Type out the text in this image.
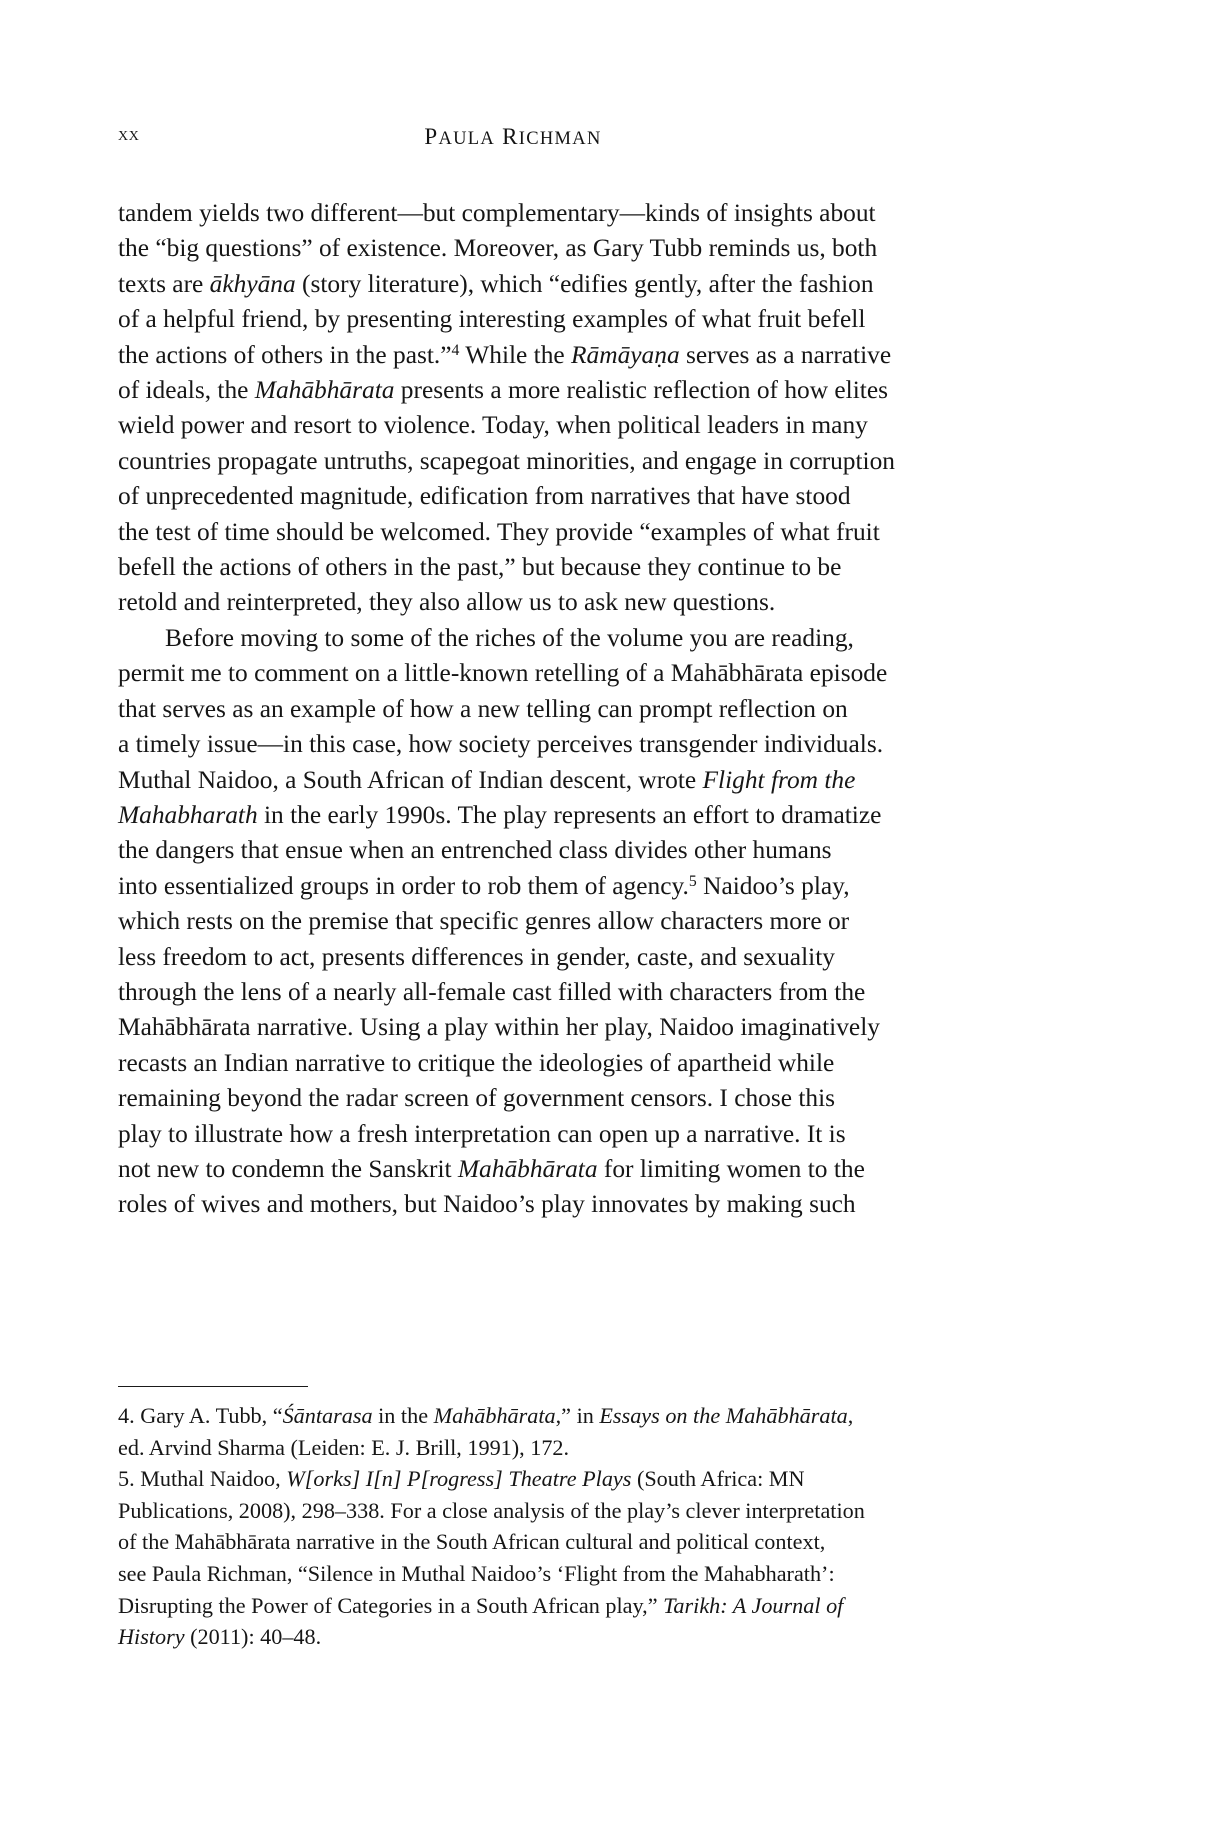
xx	PAULA RICHMAN
tandem yields two different—but complementary—kinds of insights about
the “big questions” of existence. Moreover, as Gary Tubb reminds us, both
texts are ākhyāna (story literature), which “edifies gently, after the fashion
of a helpful friend, by presenting interesting examples of what fruit befell
the actions of others in the past.”$^4$ While the Rāmāyaṇa serves as a narrative
of ideals, the Mahābhārata presents a more realistic reflection of how elites
wield power and resort to violence. Today, when political leaders in many
countries propagate untruths, scapegoat minorities, and engage in corruption
of unprecedented magnitude, edification from narratives that have stood
the test of time should be welcomed. They provide “examples of what fruit
befell the actions of others in the past,” but because they continue to be
retold and reinterpreted, they also allow us to ask new questions.
Before moving to some of the riches of the volume you are reading,
permit me to comment on a little-known retelling of a Mahābhārata episode
that serves as an example of how a new telling can prompt reflection on
a timely issue—in this case, how society perceives transgender individuals.
Muthal Naidoo, a South African of Indian descent, wrote Flight from the
Mahabharath in the early 1990s. The play represents an effort to dramatize
the dangers that ensue when an entrenched class divides other humans
into essentialized groups in order to rob them of agency.$^5$ Naidoo’s play,
which rests on the premise that specific genres allow characters more or
less freedom to act, presents differences in gender, caste, and sexuality
through the lens of a nearly all-female cast filled with characters from the
Mahābhārata narrative. Using a play within her play, Naidoo imaginatively
recasts an Indian narrative to critique the ideologies of apartheid while
remaining beyond the radar screen of government censors. I chose this
play to illustrate how a fresh interpretation can open up a narrative. It is
not new to condemn the Sanskrit Mahābhārata for limiting women to the
roles of wives and mothers, but Naidoo’s play innovates by making such
4. Gary A. Tubb, “Śāntarasa in the Mahābhārata,” in Essays on the Mahābhārata,
ed. Arvind Sharma (Leiden: E. J. Brill, 1991), 172.
5. Muthal Naidoo, W[orks] I[n] P[rogress] Theatre Plays (South Africa: MN
Publications, 2008), 298–338. For a close analysis of the play’s clever interpretation
of the Mahābhārata narrative in the South African cultural and political context,
see Paula Richman, “Silence in Muthal Naidoo’s ‘Flight from the Mahabharath’:
Disrupting the Power of Categories in a South African play,” Tarikh: A Journal of
History (2011): 40–48.
